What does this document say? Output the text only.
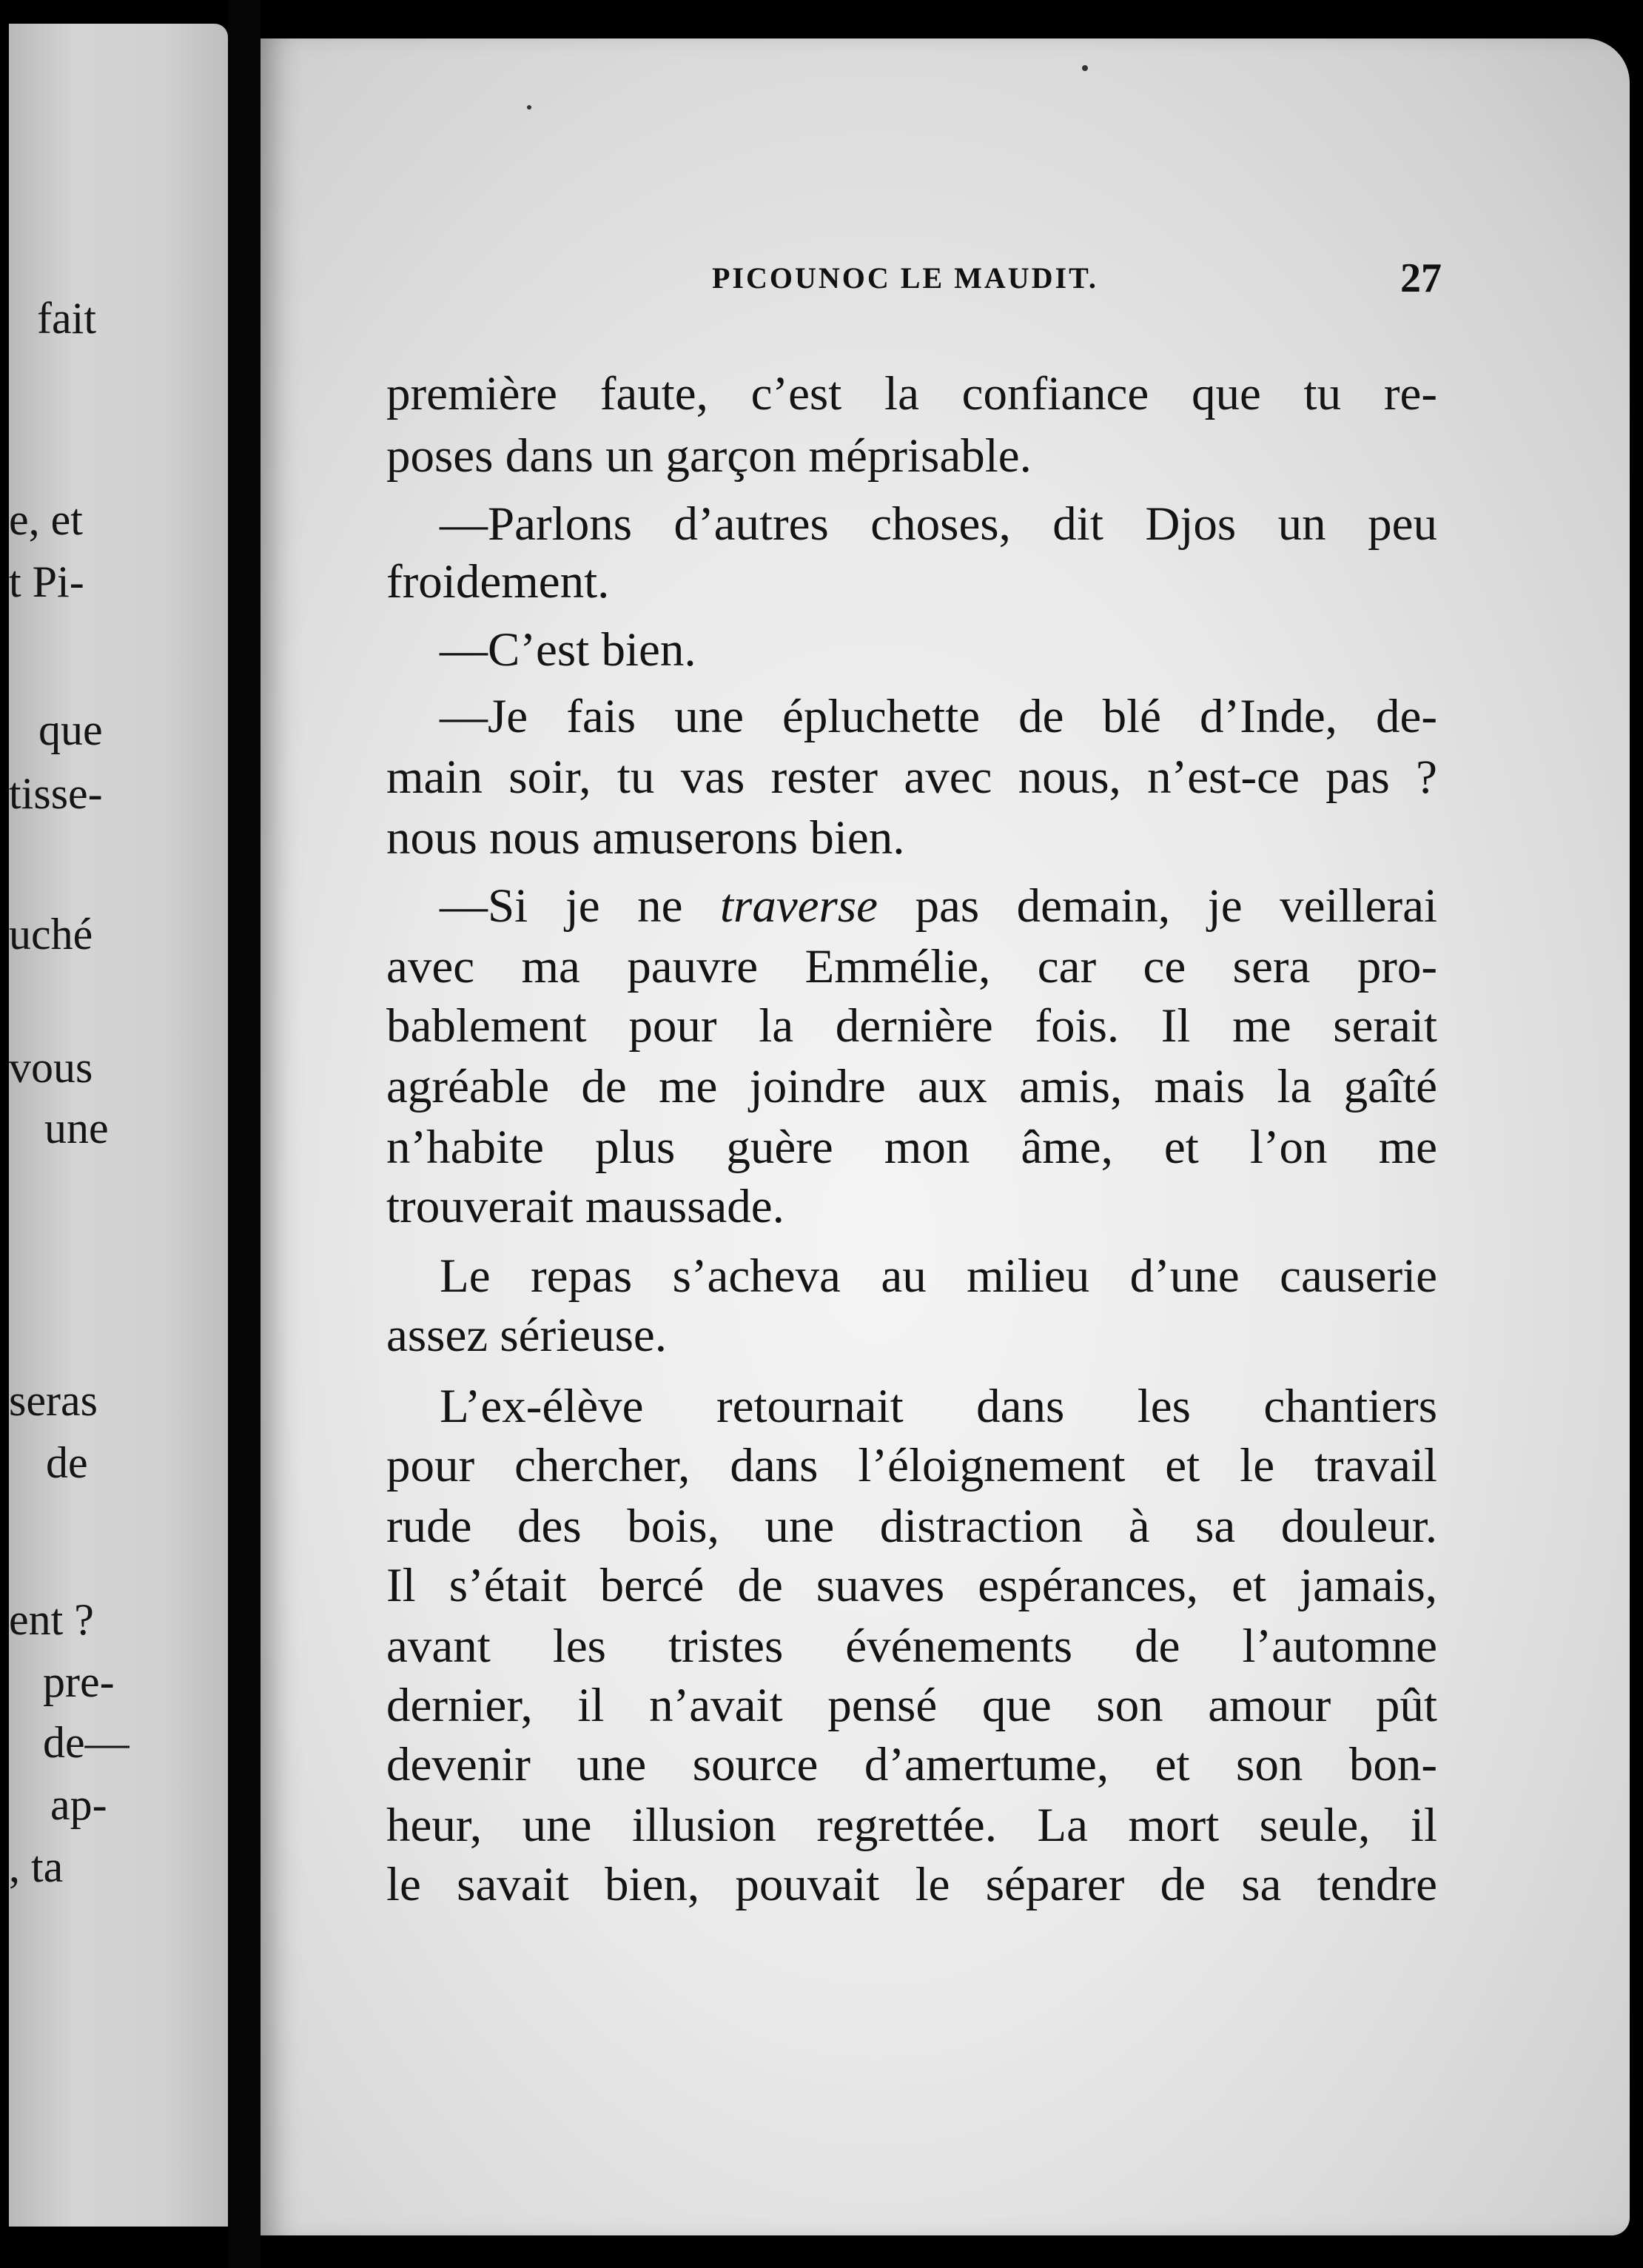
fait
e, et
t Pi-
que
tisse-
uché
vous
une
seras
de
ent ?
pre-
de—
ap-
, ta
PICOUNOC LE MAUDIT.	27
première faute, c’est la confiance que tu re-
poses dans un garçon méprisable.
—Parlons d’autres choses, dit Djos un peu
froidement.
—C’est bien.
—Je fais une épluchette de blé d’Inde, de-
main soir, tu vas rester avec nous, n’est-ce pas ?
nous nous amuserons bien.
—Si je ne traverse pas demain, je veillerai
avec ma pauvre Emmélie, car ce sera pro-
bablement pour la dernière fois. Il me serait
agréable de me joindre aux amis, mais la gaîté
n’habite plus guère mon âme, et l’on me
trouverait maussade.
Le repas s’acheva au milieu d’une causerie
assez sérieuse.
L’ex-élève retournait dans les chantiers
pour chercher, dans l’éloignement et le travail
rude des bois, une distraction à sa douleur.
Il s’était bercé de suaves espérances, et jamais,
avant les tristes événements de l’automne
dernier, il n’avait pensé que son amour pût
devenir une source d’amertume, et son bon-
heur, une illusion regrettée. La mort seule, il
le savait bien, pouvait le séparer de sa tendre
